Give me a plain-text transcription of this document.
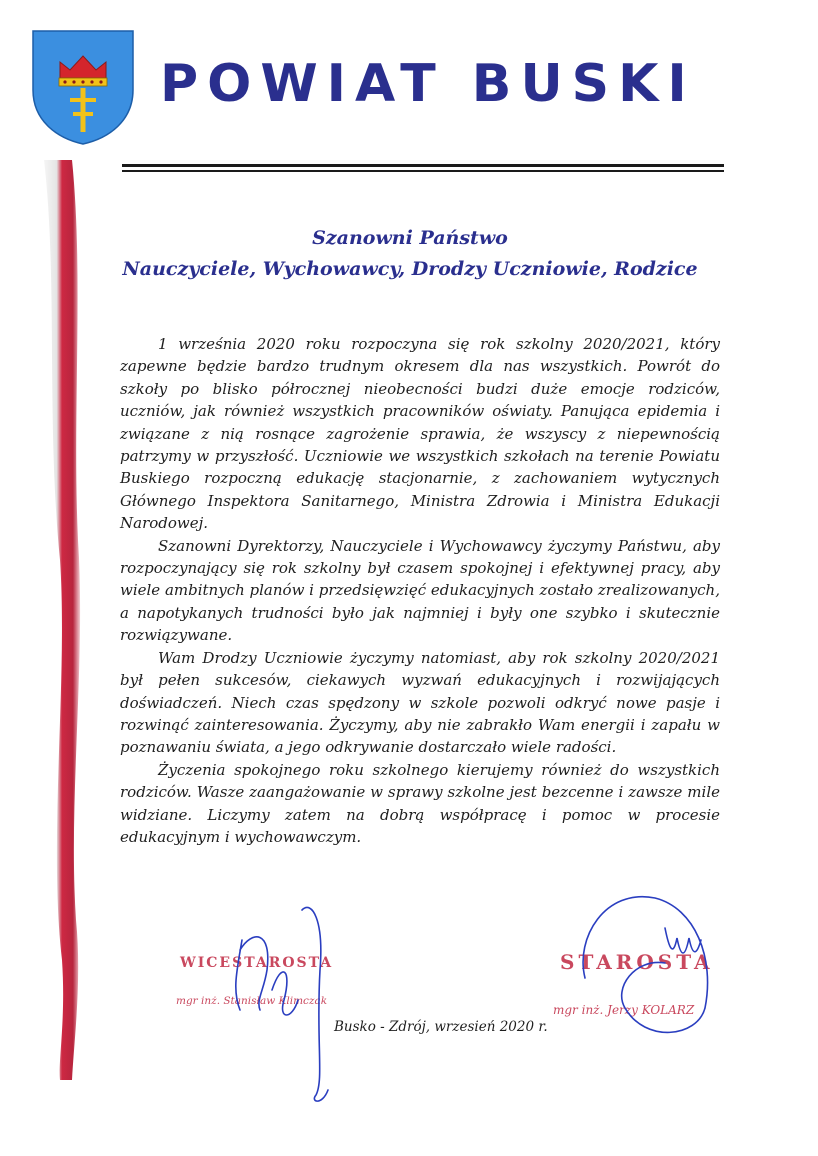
POWIAT BUSKI
Szanowni Państwo
Nauczyciele, Wychowawcy, Drodzy Uczniowie, Rodzice

1 września 2020 roku rozpoczyna się rok szkolny 2020/2021, który zapewne będzie bardzo trudnym okresem dla nas wszystkich. Powrót do szkoły po blisko półrocznej nieobecności budzi duże emocje rodziców, uczniów, jak również wszystkich pracowników oświaty. Panująca epidemia i związane z nią rosnące zagrożenie sprawia, że wszyscy z niepewnością patrzymy w przyszłość. Uczniowie we wszystkich szkołach na terenie Powiatu Buskiego rozpoczną edukację stacjonarnie, z zachowaniem wytycznych Głównego Inspektora Sanitarnego, Ministra Zdrowia i Ministra Edukacji Narodowej.

Szanowni Dyrektorzy, Nauczyciele i Wychowawcy życzymy Państwu, aby rozpoczynający się rok szkolny był czasem spokojnej i efektywnej pracy, aby wiele ambitnych planów i przedsięwzięć edukacyjnych zostało zrealizowanych, a napotykanych trudności było jak najmniej i były one szybko i skutecznie rozwiązywane.

Wam Drodzy Uczniowie życzymy natomiast, aby rok szkolny 2020/2021 był pełen sukcesów, ciekawych wyzwań edukacyjnych i rozwijających doświadczeń. Niech czas spędzony w szkole pozwoli odkryć nowe pasje i rozwinąć zainteresowania. Życzymy, aby nie zabrakło Wam energii i zapału w poznawaniu świata, a jego odkrywanie dostarczało wiele radości.

Życzenia spokojnego roku szkolnego kierujemy również do wszystkich rodziców. Wasze zaangażowanie w sprawy szkolne jest bezcenne i zawsze mile widziane. Liczymy zatem na dobrą współpracę i pomoc w procesie edukacyjnym i wychowawczym.

WICESTAROSTA
mgr inż. Stanisław Klimczak
STAROSTA
mgr inż. Jerzy KOLARZ
Busko - Zdrój, wrzesień 2020 r.
